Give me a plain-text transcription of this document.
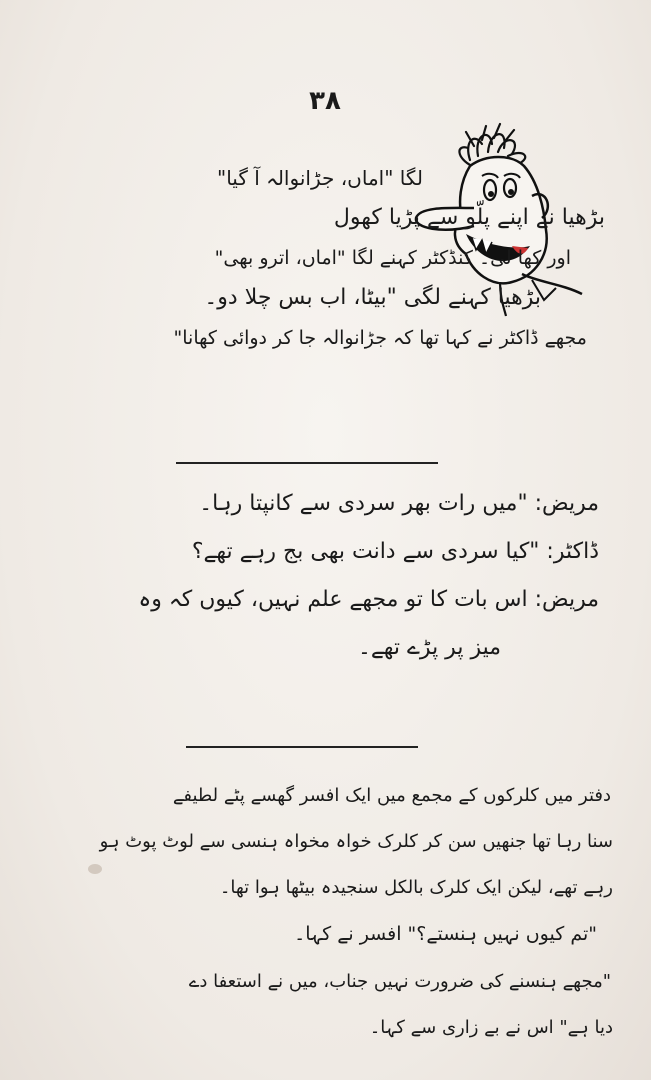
۳۸
لگا "اماں، جڑانوالہ آ گیا"
بڑھیا نے اپنے پلّو سے پڑیا کھول
اور کھا لی۔ کنڈکٹر کہنے لگا "اماں، اترو بھی"
بڑھیا کہنے لگی "بیٹا، اب بس چلا دو۔
مجھے ڈاکٹر نے کہا تھا کہ جڑانوالہ جا کر دوائی کھانا"
مریض: "میں رات بھر سردی سے کانپتا رہا۔
ڈاکٹر: "کیا سردی سے دانت بھی بج رہے تھے؟
مریض: اس بات کا تو مجھے علم نہیں، کیوں کہ وہ
میز پر پڑے تھے۔
دفتر میں کلرکوں کے مجمع میں ایک افسر گھسے پٹے لطیفے
سنا رہا تھا جنھیں سن کر کلرک خواہ مخواہ ہنسی سے لوٹ پوٹ ہو
رہے تھے، لیکن ایک کلرک بالکل سنجیدہ بیٹھا ہوا تھا۔
"تم کیوں نہیں ہنستے؟" افسر نے کہا۔
"مجھے ہنسنے کی ضرورت نہیں جناب، میں نے استعفا دے
دیا ہے" اس نے بے زاری سے کہا۔
